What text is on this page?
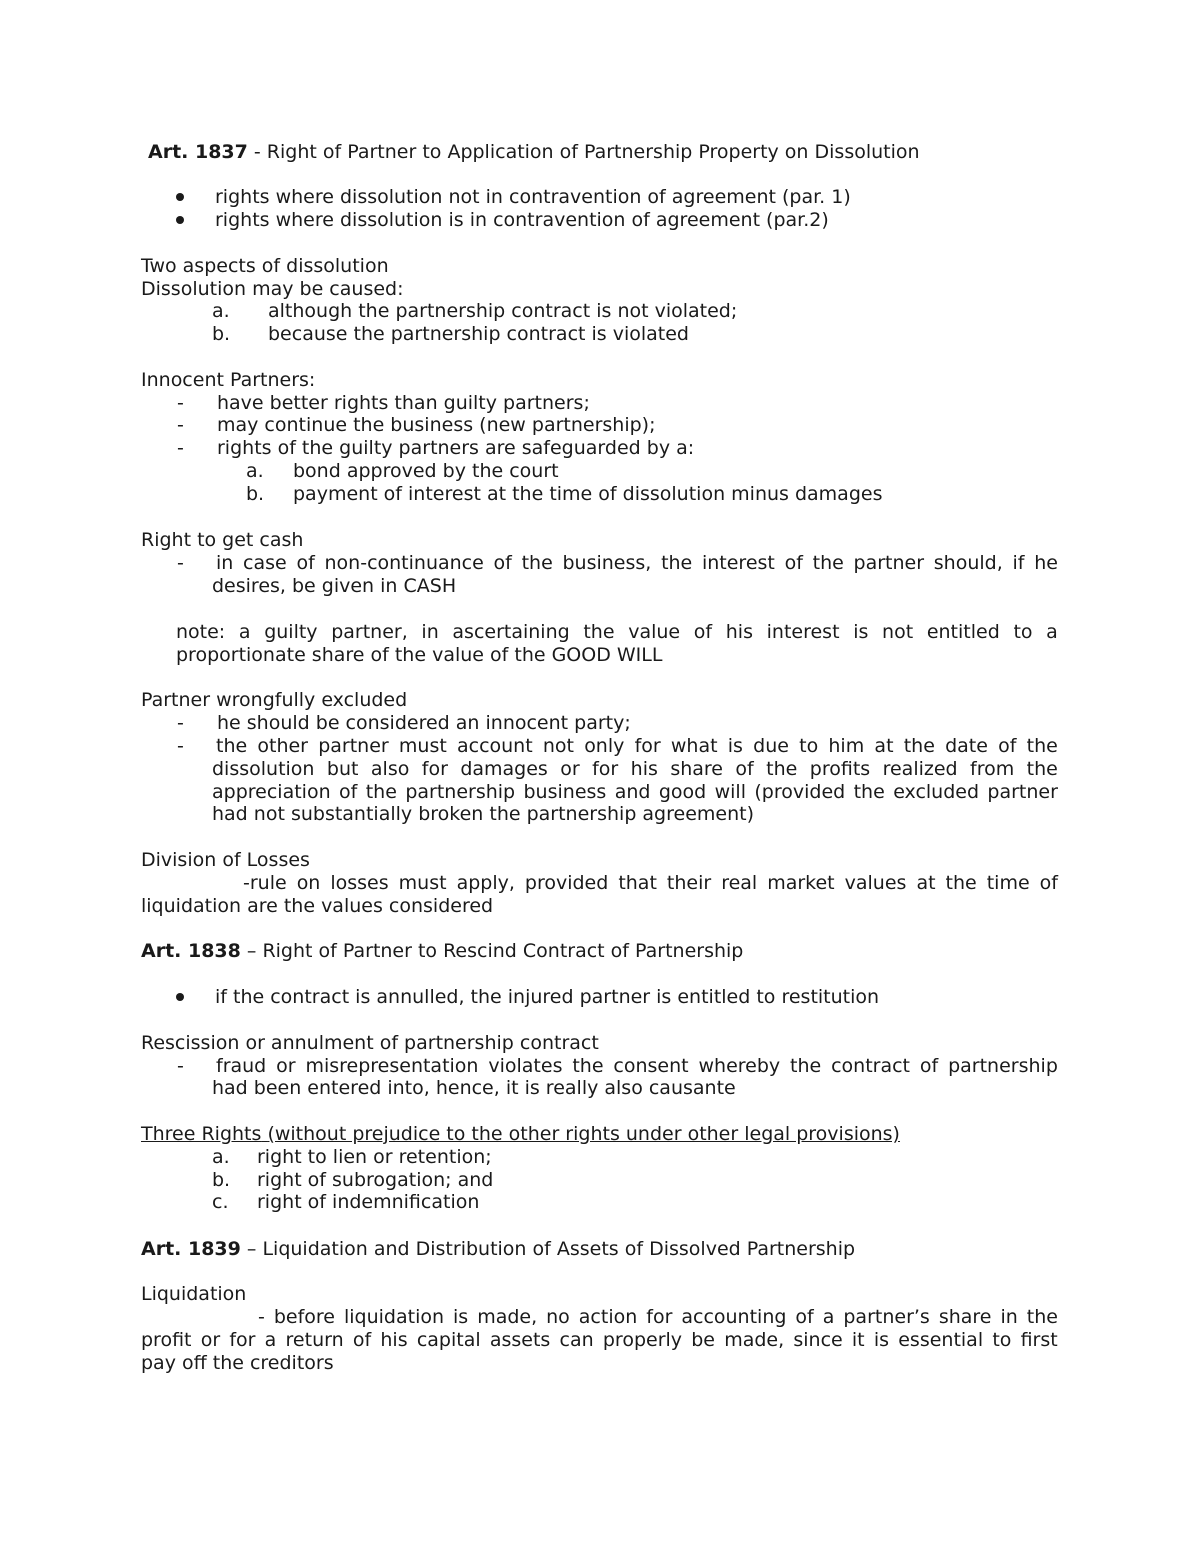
Art. 1837 - Right of Partner to Application of Partnership Property on Dissolution
rights where dissolution not in contravention of agreement (par. 1)
rights where dissolution is in contravention of agreement (par.2)
Two aspects of dissolution
Dissolution may be caused:
a. although the partnership contract is not violated;
b. because the partnership contract is violated
Innocent Partners:
- have better rights than guilty partners;
- may continue the business (new partnership);
- rights of the guilty partners are safeguarded by a:
a. bond approved by the court
b. payment of interest at the time of dissolution minus damages
Right to get cash
- in case of non-continuance of the business, the interest of the partner should, if he
desires, be given in CASH
note: a guilty partner, in ascertaining the value of his interest is not entitled to a
proportionate share of the value of the GOOD WILL
Partner wrongfully excluded
- he should be considered an innocent party;
- the other partner must account not only for what is due to him at the date of the
dissolution but also for damages or for his share of the profits realized from the
appreciation of the partnership business and good will (provided the excluded partner
had not substantially broken the partnership agreement)
Division of Losses
-rule on losses must apply, provided that their real market values at the time of
liquidation are the values considered
Art. 1838 – Right of Partner to Rescind Contract of Partnership
if the contract is annulled, the injured partner is entitled to restitution
Rescission or annulment of partnership contract
- fraud or misrepresentation violates the consent whereby the contract of partnership
had been entered into, hence, it is really also causante
Three Rights (without prejudice to the other rights under other legal provisions)
a. right to lien or retention;
b. right of subrogation; and
c. right of indemnification
Art. 1839 – Liquidation and Distribution of Assets of Dissolved Partnership
Liquidation
- before liquidation is made, no action for accounting of a partner’s share in the
profit or for a return of his capital assets can properly be made, since it is essential to first
pay off the creditors
